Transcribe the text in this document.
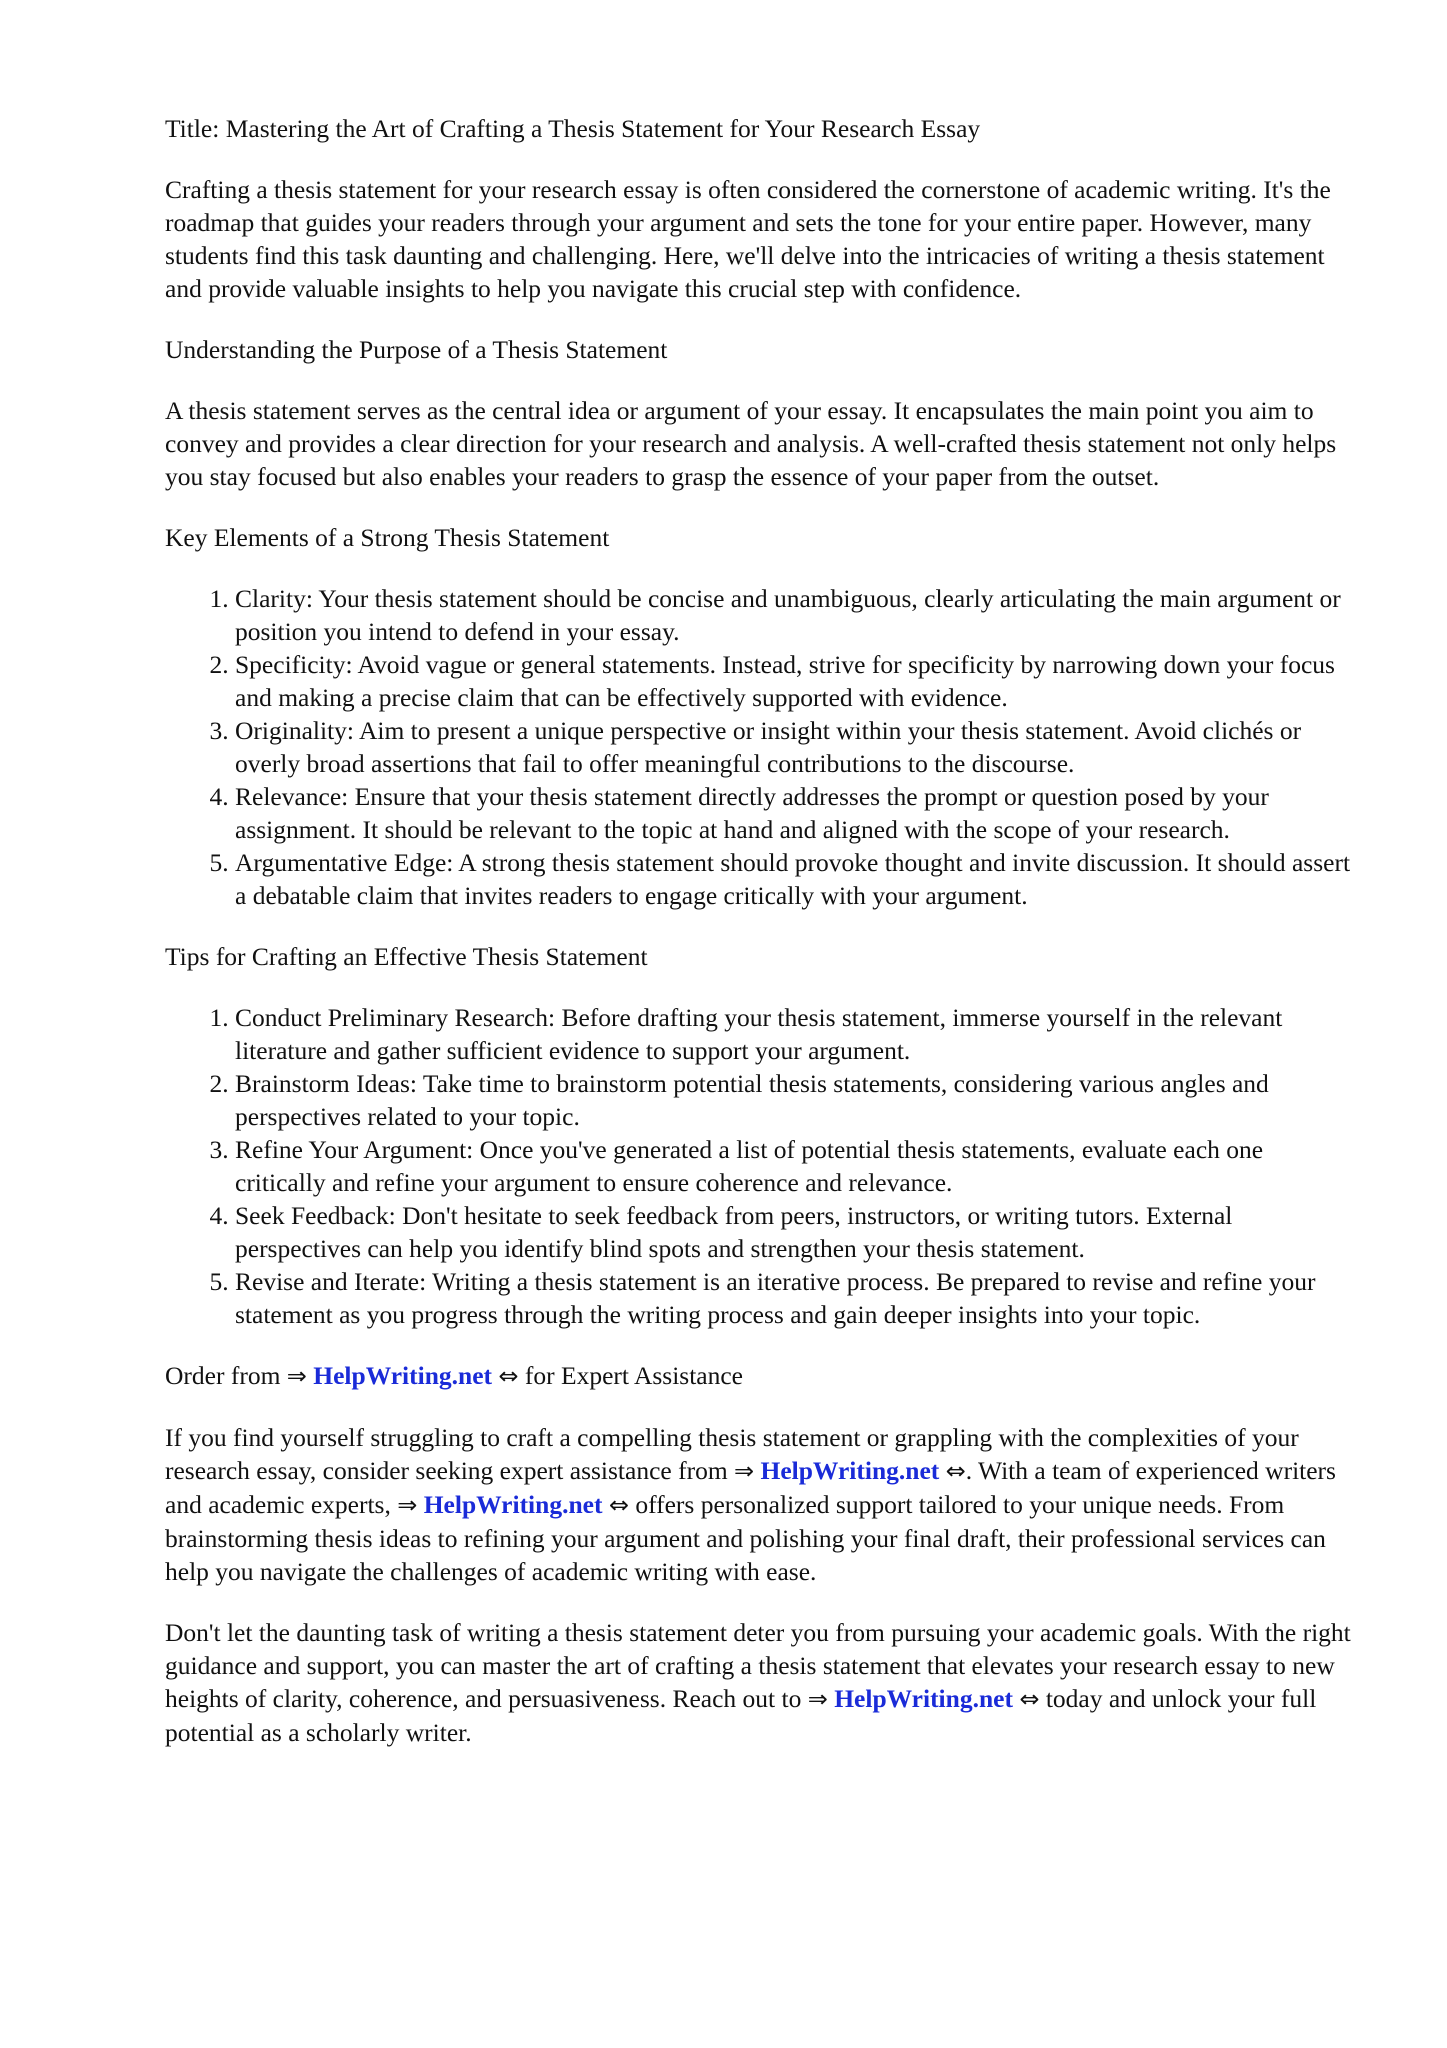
Title: Mastering the Art of Crafting a Thesis Statement for Your Research Essay

Crafting a thesis statement for your research essay is often considered the cornerstone of academic writing. It's the roadmap that guides your readers through your argument and sets the tone for your entire paper. However, many students find this task daunting and challenging. Here, we'll delve into the intricacies of writing a thesis statement and provide valuable insights to help you navigate this crucial step with confidence.

Understanding the Purpose of a Thesis Statement

A thesis statement serves as the central idea or argument of your essay. It encapsulates the main point you aim to convey and provides a clear direction for your research and analysis. A well-crafted thesis statement not only helps you stay focused but also enables your readers to grasp the essence of your paper from the outset.

Key Elements of a Strong Thesis Statement

1. Clarity: Your thesis statement should be concise and unambiguous, clearly articulating the main argument or position you intend to defend in your essay.
2. Specificity: Avoid vague or general statements. Instead, strive for specificity by narrowing down your focus and making a precise claim that can be effectively supported with evidence.
3. Originality: Aim to present a unique perspective or insight within your thesis statement. Avoid clichés or overly broad assertions that fail to offer meaningful contributions to the discourse.
4. Relevance: Ensure that your thesis statement directly addresses the prompt or question posed by your assignment. It should be relevant to the topic at hand and aligned with the scope of your research.
5. Argumentative Edge: A strong thesis statement should provoke thought and invite discussion. It should assert a debatable claim that invites readers to engage critically with your argument.

Tips for Crafting an Effective Thesis Statement

1. Conduct Preliminary Research: Before drafting your thesis statement, immerse yourself in the relevant literature and gather sufficient evidence to support your argument.
2. Brainstorm Ideas: Take time to brainstorm potential thesis statements, considering various angles and perspectives related to your topic.
3. Refine Your Argument: Once you've generated a list of potential thesis statements, evaluate each one critically and refine your argument to ensure coherence and relevance.
4. Seek Feedback: Don't hesitate to seek feedback from peers, instructors, or writing tutors. External perspectives can help you identify blind spots and strengthen your thesis statement.
5. Revise and Iterate: Writing a thesis statement is an iterative process. Be prepared to revise and refine your statement as you progress through the writing process and gain deeper insights into your topic.

Order from ⇒ HelpWriting.net ⇔ for Expert Assistance

If you find yourself struggling to craft a compelling thesis statement or grappling with the complexities of your research essay, consider seeking expert assistance from ⇒ HelpWriting.net ⇔. With a team of experienced writers and academic experts, ⇒ HelpWriting.net ⇔ offers personalized support tailored to your unique needs. From brainstorming thesis ideas to refining your argument and polishing your final draft, their professional services can help you navigate the challenges of academic writing with ease.

Don't let the daunting task of writing a thesis statement deter you from pursuing your academic goals. With the right guidance and support, you can master the art of crafting a thesis statement that elevates your research essay to new heights of clarity, coherence, and persuasiveness. Reach out to ⇒ HelpWriting.net ⇔ today and unlock your full potential as a scholarly writer.
